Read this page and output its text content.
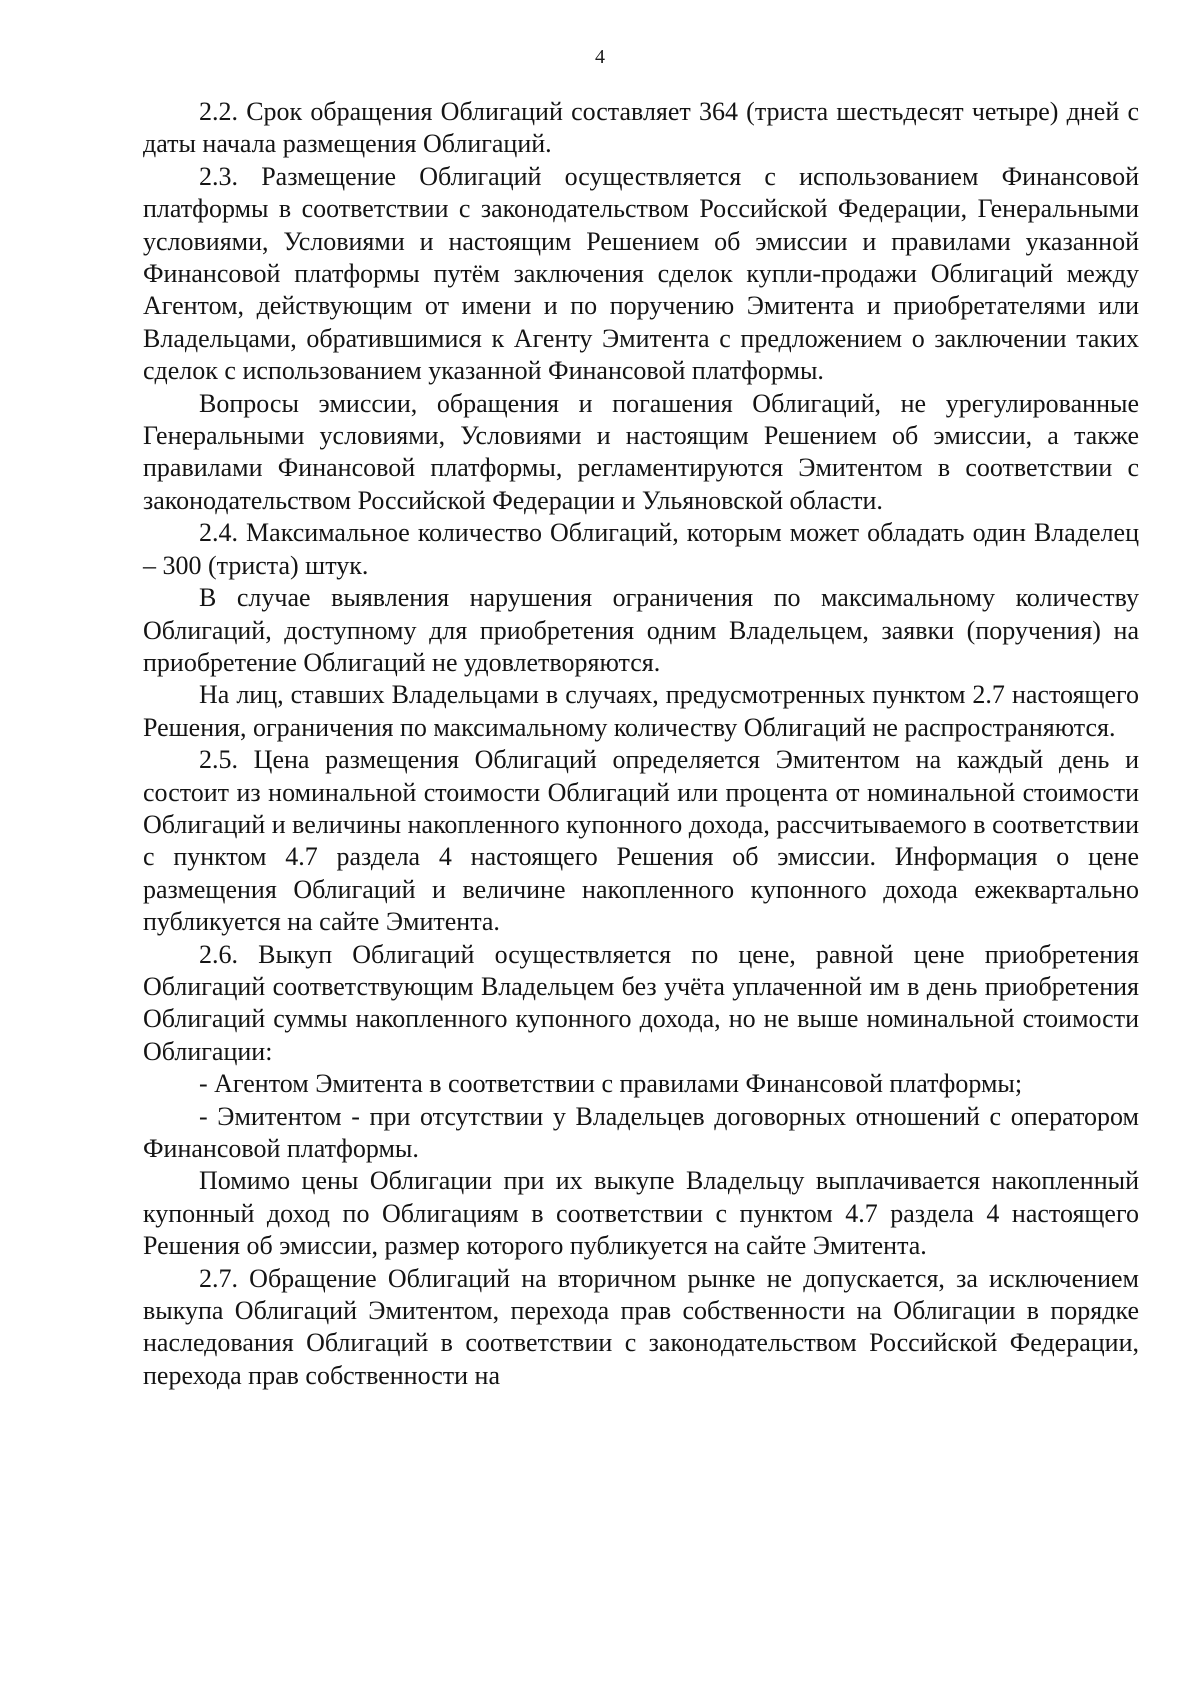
4

2.2. Срок обращения Облигаций составляет 364 (триста шестьдесят четыре) дней с даты начала размещения Облигаций.

2.3. Размещение Облигаций осуществляется с использованием Финансовой платформы в соответствии с законодательством Российской Федерации, Генеральными условиями, Условиями и настоящим Решением об эмиссии и правилами указанной Финансовой платформы путём заключения сделок купли-продажи Облигаций между Агентом, действующим от имени и по поручению Эмитента и приобретателями или Владельцами, обратившимися к Агенту Эмитента с предложением о заключении таких сделок с использованием указанной Финансовой платформы.

Вопросы эмиссии, обращения и погашения Облигаций, не урегулированные Генеральными условиями, Условиями и настоящим Решением об эмиссии, а также правилами Финансовой платформы, регламентируются Эмитентом в соответствии с законодательством Российской Федерации и Ульяновской области.

2.4. Максимальное количество Облигаций, которым может обладать один Владелец – 300 (триста) штук.

В случае выявления нарушения ограничения по максимальному количеству Облигаций, доступному для приобретения одним Владельцем, заявки (поручения) на приобретение Облигаций не удовлетворяются.

На лиц, ставших Владельцами в случаях, предусмотренных пунктом 2.7 настоящего Решения, ограничения по максимальному количеству Облигаций не распространяются.

2.5. Цена размещения Облигаций определяется Эмитентом на каждый день и состоит из номинальной стоимости Облигаций или процента от номинальной стоимости Облигаций и величины накопленного купонного дохода, рассчитываемого в соответствии с пунктом 4.7 раздела 4 настоящего Решения об эмиссии. Информация о цене размещения Облигаций и величине накопленного купонного дохода ежеквартально публикуется на сайте Эмитента.

2.6. Выкуп Облигаций осуществляется по цене, равной цене приобретения Облигаций соответствующим Владельцем без учёта уплаченной им в день приобретения Облигаций суммы накопленного купонного дохода, но не выше номинальной стоимости Облигации:

- Агентом Эмитента в соответствии с правилами Финансовой платформы;

- Эмитентом - при отсутствии у Владельцев договорных отношений с оператором Финансовой платформы.

Помимо цены Облигации при их выкупе Владельцу выплачивается накопленный купонный доход по Облигациям в соответствии с пунктом 4.7 раздела 4 настоящего Решения об эмиссии, размер которого публикуется на сайте Эмитента.

2.7. Обращение Облигаций на вторичном рынке не допускается, за исключением выкупа Облигаций Эмитентом, перехода прав собственности на Облигации в порядке наследования Облигаций в соответствии с законодательством Российской Федерации, перехода прав собственности на
